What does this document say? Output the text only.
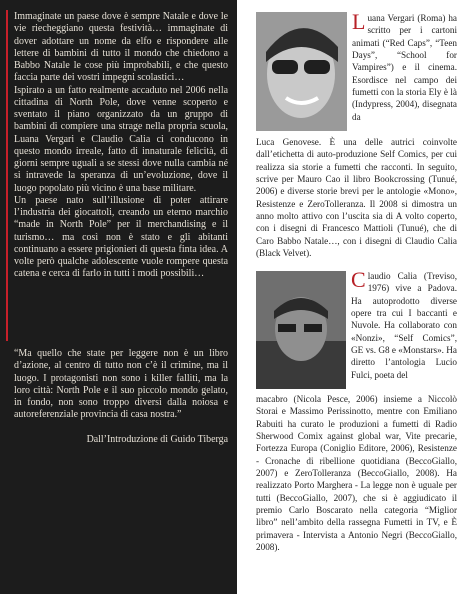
Immaginate un paese dove è sempre Natale e dove le vie riecheggiano questa festività… immaginate di dover adottare un nome da elfo e rispondere alle lettere di bambini di tutto il mondo che chiedono a Babbo Natale le cose più improbabili, e che questo faccia parte dei vostri impegni scolastici…

Ispirato a un fatto realmente accaduto nel 2006 nella cittadina di North Pole, dove venne scoperto e sventato il piano organizzato da un gruppo di bambini di compiere una strage nella propria scuola, Luana Vergari e Claudio Calia ci conducono in questo mondo irreale, fatto di innaturale felicità, di giorni sempre uguali a se stessi dove nulla cambia né si intravede la speranza di un’evoluzione, dove il luogo popolato più vicino è una base militare.

Un paese nato sull’illusione di poter attirare l’industria dei giocattoli, creando un eterno marchio “made in North Pole” per il merchandising e il turismo… ma così non è stato e gli abitanti continuano a essere prigionieri di questa finta idea. A volte però qualche adolescente vuole rompere questa catena e cerca di farlo in tutti i modi possibili…

“Ma quello che state per leggere non è un libro d’azione, al centro di tutto non c’è il crimine, ma il luogo. I protagonisti non sono i killer falliti, ma la loro città: North Pole e il suo piccolo mondo gelato, in fondo, non sono troppo diversi dalla noiosa e autoreferenziale provincia di casa nostra.”

Dall’Introduzione di Guido Tiberga

Luana Vergari (Roma) ha scritto per i cartoni animati (“Red Caps”, “Teen Days”, “School for Vampires”) e il cinema. Esordisce nel campo dei fumetti con la storia Ely è là (Indypress, 2004), disegnata da
Luca Genovese. È una delle autrici coinvolte dall’etichetta di auto-produzione Self Comics, per cui realizza sia storie a fumetti che racconti. In seguito, scrive per Mauro Cao il libro Bookcrossing (Tunué, 2006) e diverse storie brevi per le antologie «Mono», Resistenze e ZeroTolleranza. Il 2008 si dimostra un anno molto attivo con l’uscita sia di A volto coperto, con i disegni di Francesco Mattioli (Tunué), che di Caro Babbo Natale…, con i disegni di Claudio Calia (Black Velvet).
Claudio Calia (Treviso, 1976) vive a Padova. Ha autoprodotto diverse opere tra cui I baccanti e Nuvole. Ha collaborato con «Nonzi», “Self Comics”, GE vs. G8 e «Monstars». Ha diretto l’antologia Lucio Fulci, poeta del
macabro (Nicola Pesce, 2006) insieme a Niccolò Storai e Massimo Perissinotto, mentre con Emiliano Rabuiti ha curato le produzioni a fumetti di Radio Sherwood Comix against global war, Vite precarie, Fortezza Europa (Coniglio Editore, 2006), Resistenze - Cronache di ribellione quotidiana (BeccoGiallo, 2007) e ZeroTolleranza (BeccoGiallo, 2008). Ha realizzato Porto Marghera - La legge non è uguale per tutti (BeccoGiallo, 2007), che si è aggiudicato il premio Carlo Boscarato nella categoria “Miglior libro” nell’ambito della rassegna Fumetti in TV, e È primavera - Intervista a Antonio Negri (BeccoGiallo, 2008).
